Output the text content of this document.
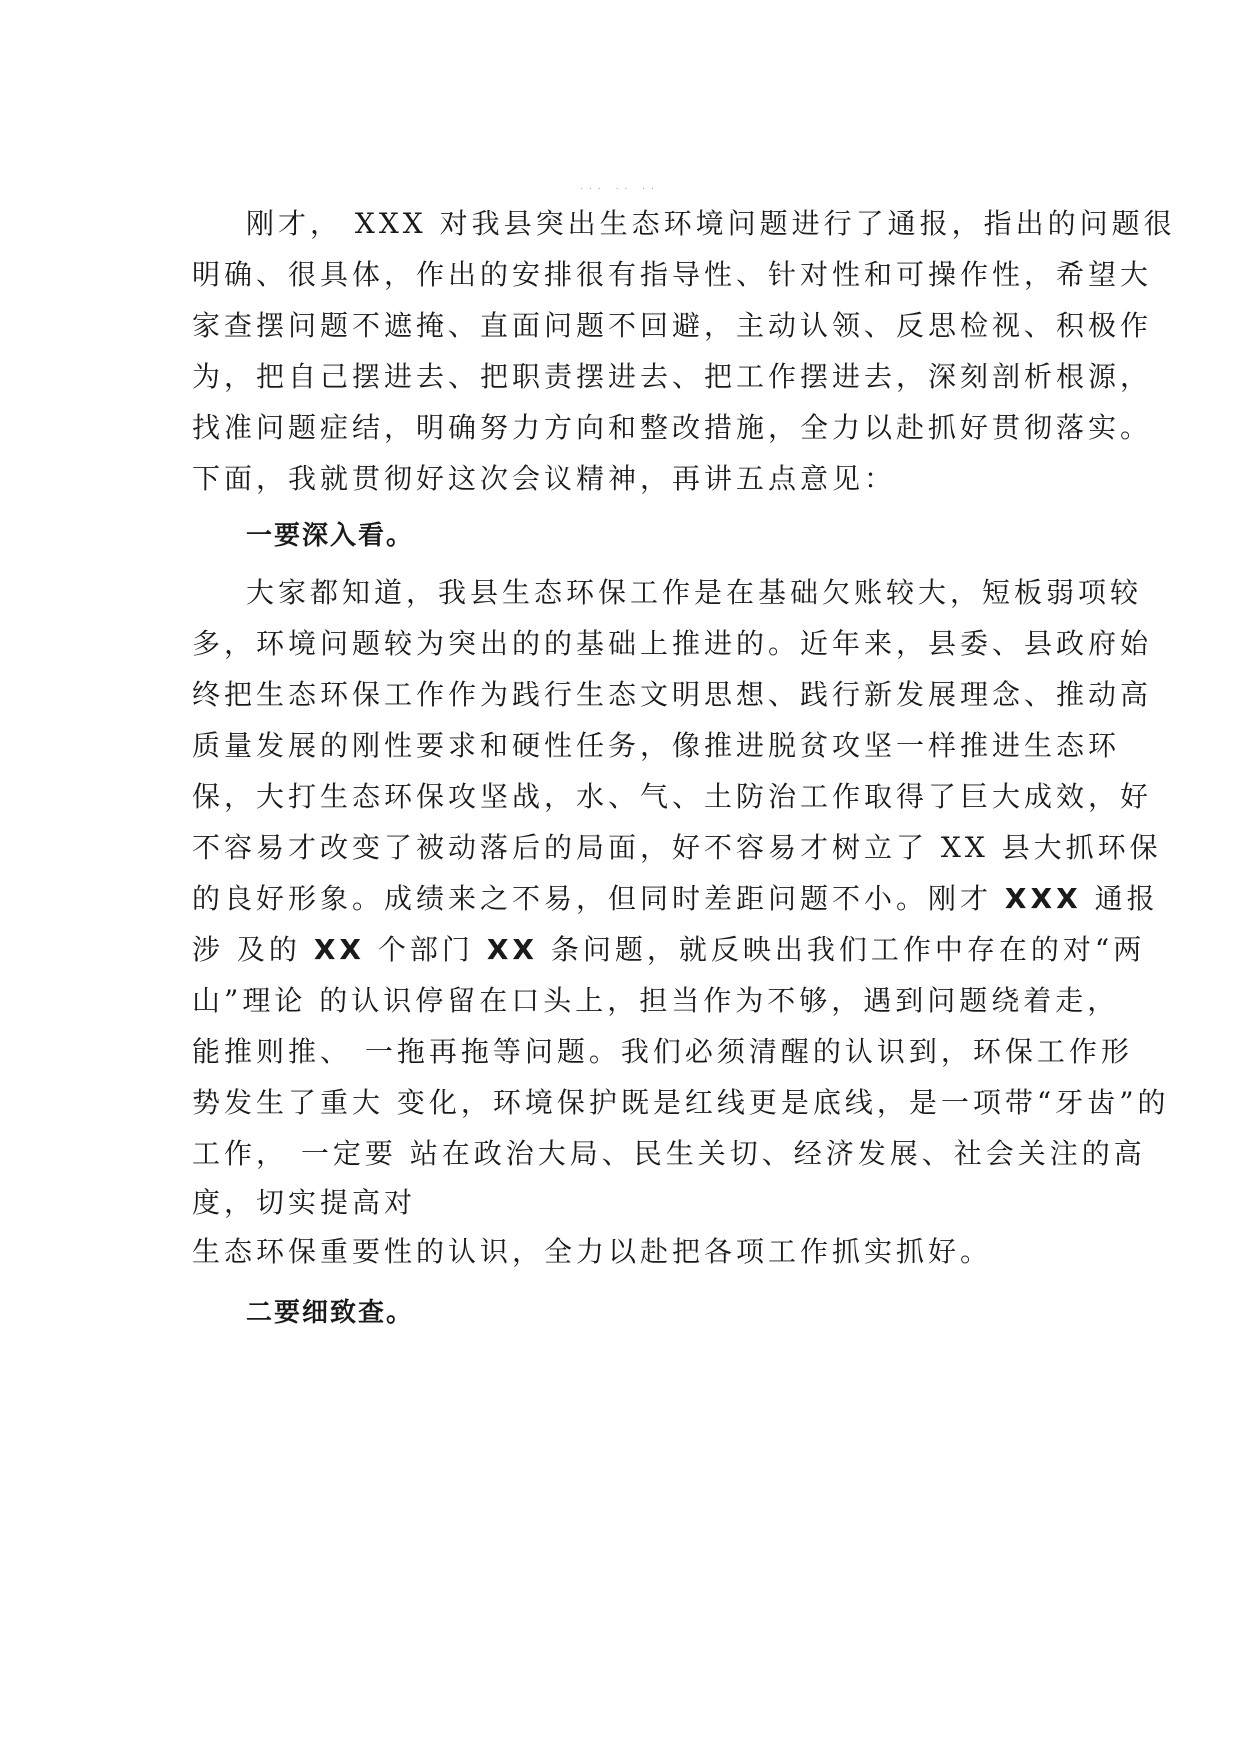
... .. ..
刚才， XXX 对我县突出生态环境问题进行了通报，指出的问题很
明确、很具体，作出的安排很有指导性、针对性和可操作性，希望大
家查摆问题不遮掩、直面问题不回避，主动认领、反思检视、积极作
为，把自己摆进去、把职责摆进去、把工作摆进去，深刻剖析根源，
找准问题症结，明确努力方向和整改措施，全力以赴抓好贯彻落实。
下面，我就贯彻好这次会议精神，再讲五点意见：
一要深入看。
大家都知道，我县生态环保工作是在基础欠账较大，短板弱项较
多，环境问题较为突出的的基础上推进的。近年来，县委、县政府始
终把生态环保工作作为践行生态文明思想、践行新发展理念、推动高
质量发展的刚性要求和硬性任务，像推进脱贫攻坚一样推进生态环
保，大打生态环保攻坚战，水、气、土防治工作取得了巨大成效，好
不容易才改变了被动落后的局面，好不容易才树立了 XX 县大抓环保
的良好形象。成绩来之不易，但同时差距问题不小。刚才 XXX 通报
涉 及的 XX 个部门 XX 条问题，就反映出我们工作中存在的对“两
山”理论 的认识停留在口头上，担当作为不够，遇到问题绕着走，
能推则推、 一拖再拖等问题。我们必须清醒的认识到，环保工作形
势发生了重大 变化，环境保护既是红线更是底线，是一项带“牙齿”的
工作， 一定要 站在政治大局、民生关切、经济发展、社会关注的高
度，切实提高对
生态环保重要性的认识，全力以赴把各项工作抓实抓好。
二要细致查。
